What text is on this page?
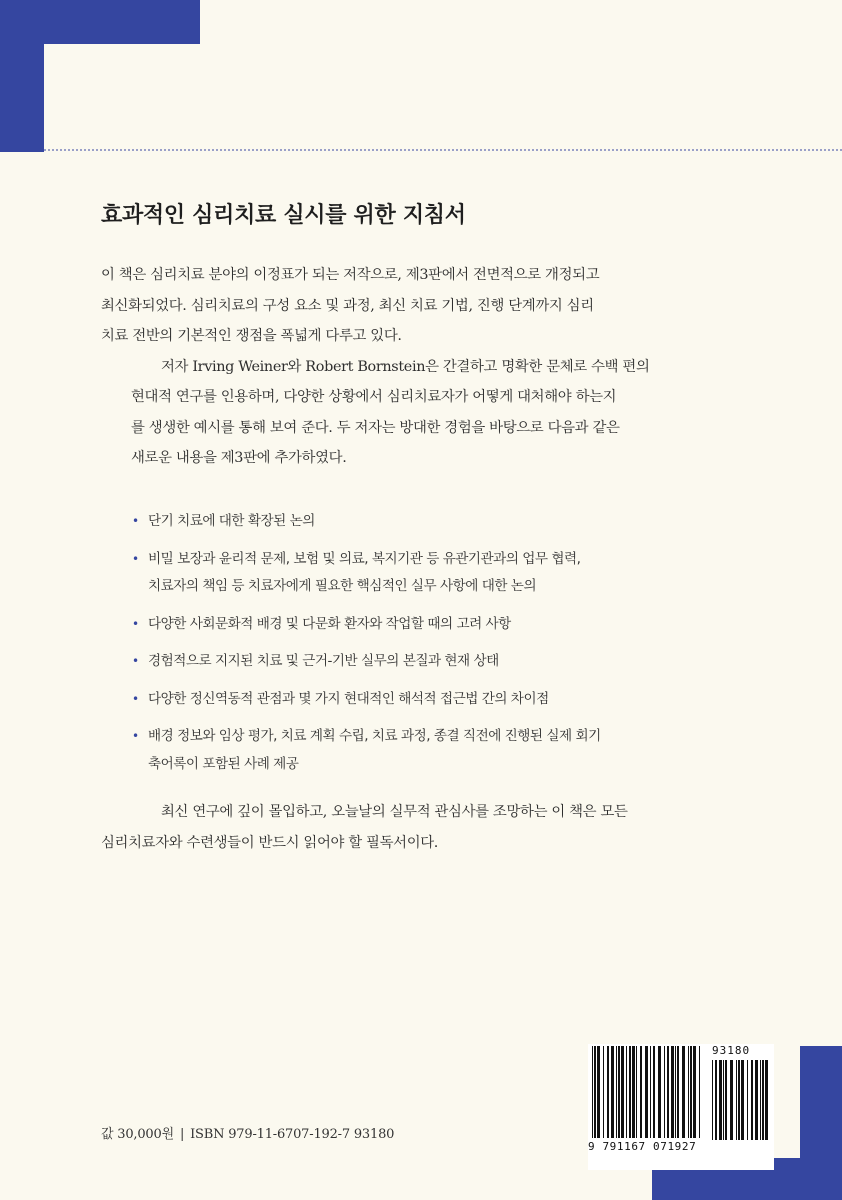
효과적인 심리치료 실시를 위한 지침서

이 책은 심리치료 분야의 이정표가 되는 저작으로, 제3판에서 전면적으로 개정되고
최신화되었다. 심리치료의 구성 요소 및 과정, 최신 치료 기법, 진행 단계까지 심리
치료 전반의 기본적인 쟁점을 폭넓게 다루고 있다.

저자 Irving Weiner와 Robert Bornstein은 간결하고 명확한 문체로 수백 편의
현대적 연구를 인용하며, 다양한 상황에서 심리치료자가 어떻게 대처해야 하는지
를 생생한 예시를 통해 보여 준다. 두 저자는 방대한 경험을 바탕으로 다음과 같은
새로운 내용을 제3판에 추가하였다.

• 단기 치료에 대한 확장된 논의
• 비밀 보장과 윤리적 문제, 보험 및 의료, 복지기관 등 유관기관과의 업무 협력,
치료자의 책임 등 치료자에게 필요한 핵심적인 실무 사항에 대한 논의
• 다양한 사회문화적 배경 및 다문화 환자와 작업할 때의 고려 사항
• 경험적으로 지지된 치료 및 근거-기반 실무의 본질과 현재 상태
• 다양한 정신역동적 관점과 몇 가지 현대적인 해석적 접근법 간의 차이점
• 배경 정보와 임상 평가, 치료 계획 수립, 치료 과정, 종결 직전에 진행된 실제 회기
축어록이 포함된 사례 제공

최신 연구에 깊이 몰입하고, 오늘날의 실무적 관심사를 조망하는 이 책은 모든
심리치료자와 수련생들이 반드시 읽어야 할 필독서이다.

값 30,000원 | ISBN 979-11-6707-192-7 93180
9 791167 071927
93180
